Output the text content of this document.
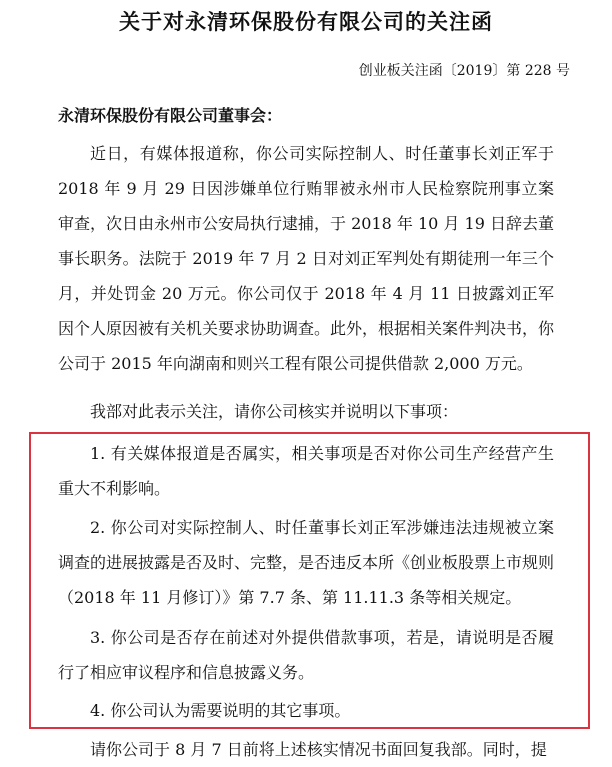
关于对永清环保股份有限公司的关注函
创业板关注函〔2019〕第 228 号
永清环保股份有限公司董事会：

近日，有媒体报道称，你公司实际控制人、时任董事长刘正军于 2018 年 9 月 29 日因涉嫌单位行贿罪被永州市人民检察院刑事立案审查，次日由永州市公安局执行逮捕，于 2018 年 10 月 19 日辞去董事长职务。法院于 2019 年 7 月 2 日对刘正军判处有期徒刑一年三个月，并处罚金 20 万元。你公司仅于 2018 年 4 月 11 日披露刘正军因个人原因被有关机关要求协助调查。此外，根据相关案件判决书，你公司于 2015 年向湖南和则兴工程有限公司提供借款 2,000 万元。

我部对此表示关注，请你公司核实并说明以下事项：

1. 有关媒体报道是否属实，相关事项是否对你公司生产经营产生重大不利影响。

2. 你公司对实际控制人、时任董事长刘正军涉嫌违法违规被立案调查的进展披露是否及时、完整，是否违反本所《创业板股票上市规则（2018 年 11 月修订）》第 7.7 条、第 11.11.3 条等相关规定。

3. 你公司是否存在前述对外提供借款事项，若是，请说明是否履行了相应审议程序和信息披露义务。

4. 你公司认为需要说明的其它事项。

请你公司于 8 月 7 日前将上述核实情况书面回复我部。同时，提
